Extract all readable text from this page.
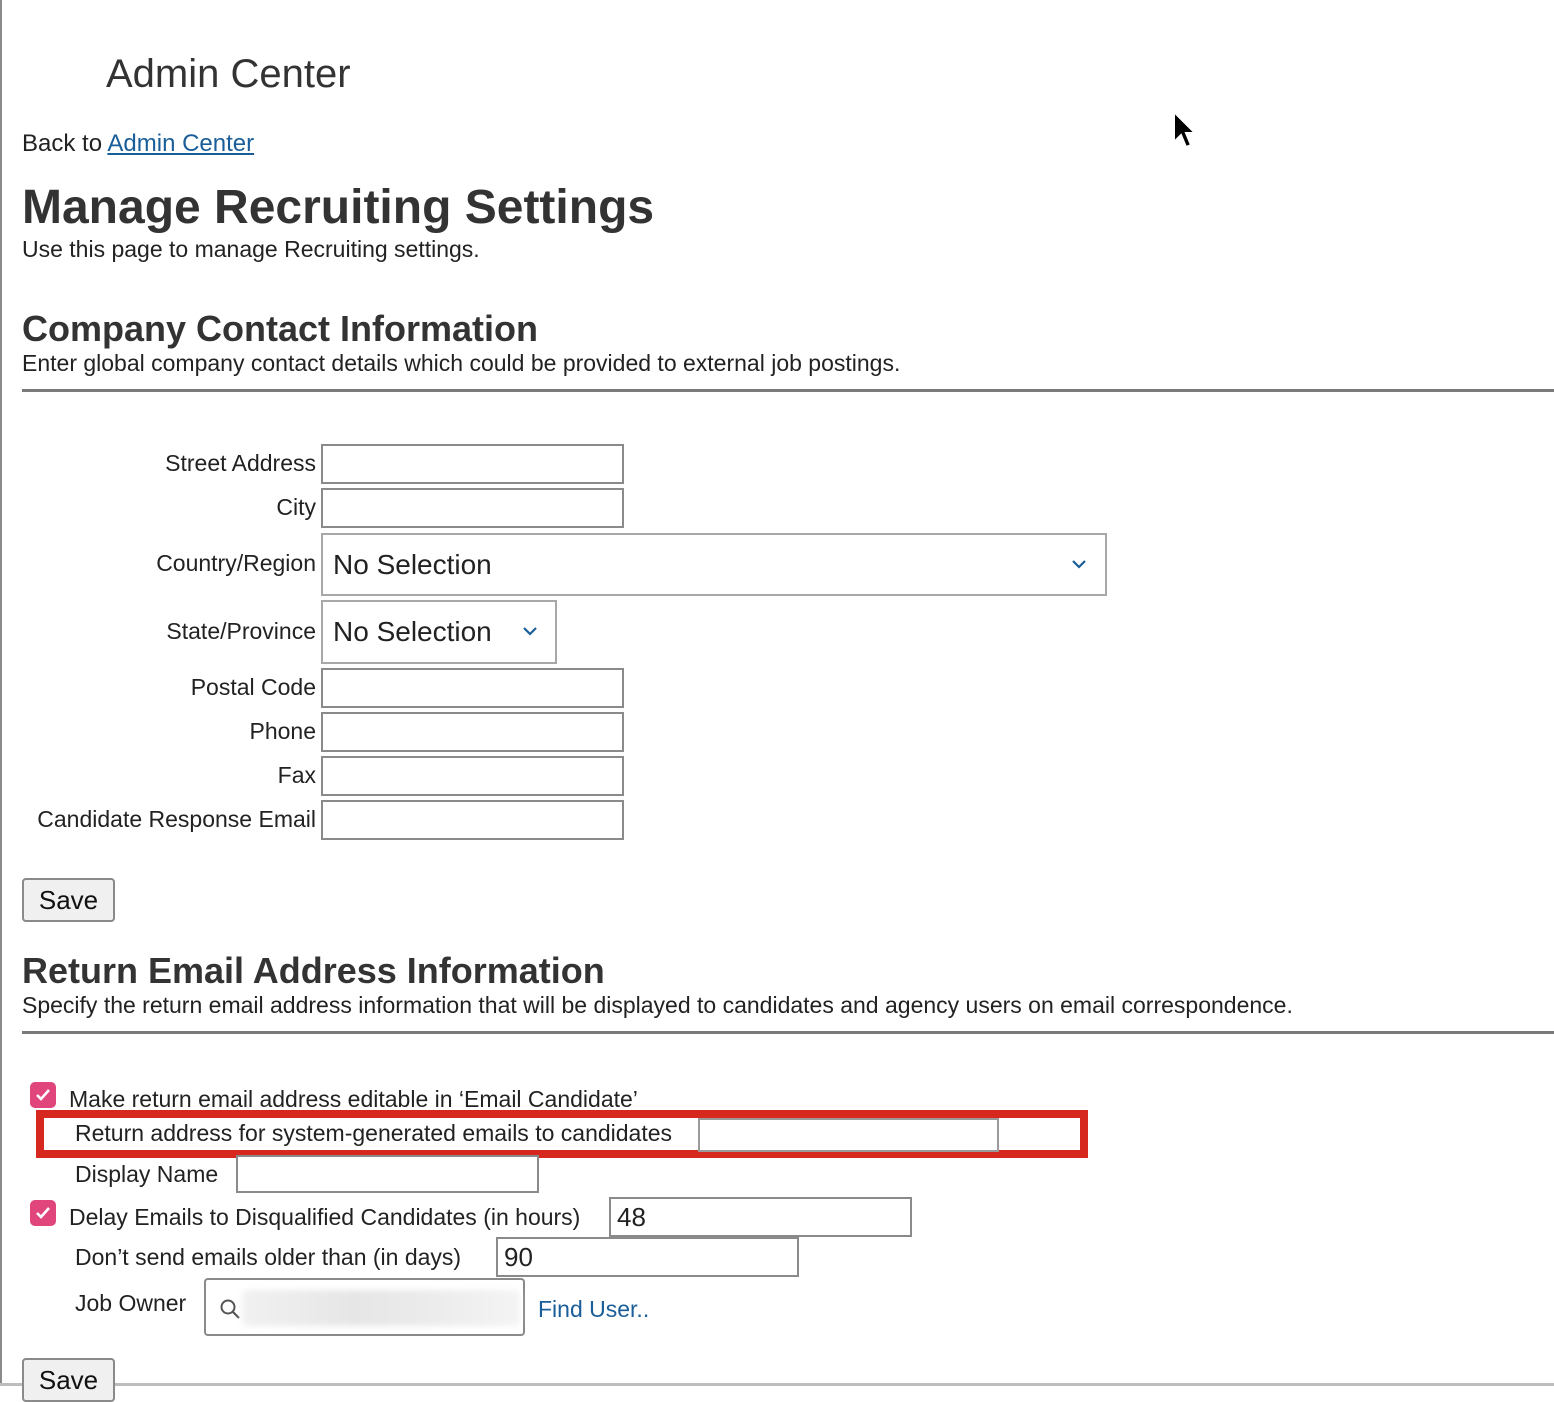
Admin Center
Back to Admin Center
Manage Recruiting Settings
Use this page to manage Recruiting settings.
Company Contact Information
Enter global company contact details which could be provided to external job postings.
Street Address
City
Country/Region No Selection
State/Province No Selection
Postal Code
Phone
Fax
Candidate Response Email
Save
Return Email Address Information
Specify the return email address information that will be displayed to candidates and agency users on email correspondence.
Make return email address editable in ‘Email Candidate’
Return address for system-generated emails to candidates
Display Name
Delay Emails to Disqualified Candidates (in hours)
48
Don’t send emails older than (in days)
90
Job Owner	Find User..
Save
